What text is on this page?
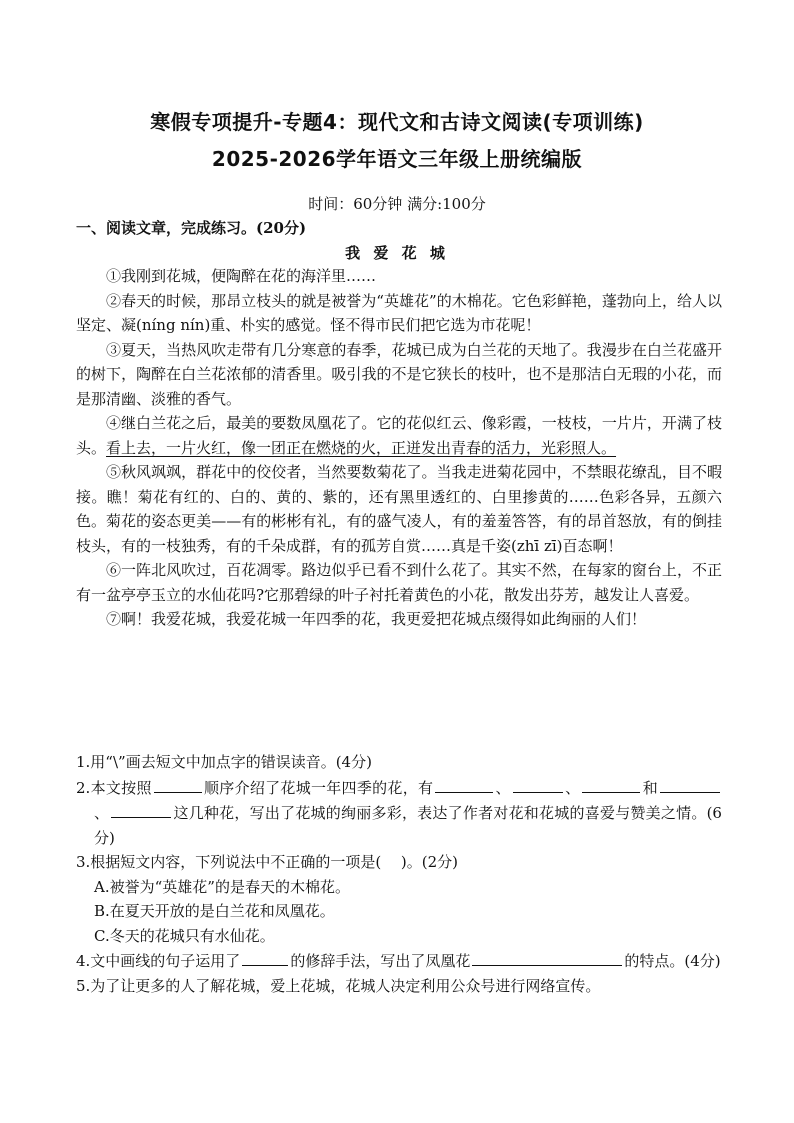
寒假专项提升-专题4：现代文和古诗文阅读(专项训练)
2025-2026学年语文三年级上册统编版
时间：60分钟 满分:100分
一、阅读文章，完成练习。(20分)
我 爱 花 城
①我刚到花城，便陶醉在花的海洋里……
②春天的时候，那昂立枝头的就是被誉为“英雄花”的木棉花。它色彩鲜艳，蓬勃向上，给人以坚定、凝(níng nín)重、朴实的感觉。怪不得市民们把它选为市花呢！
③夏天，当热风吹走带有几分寒意的春季，花城已成为白兰花的天地了。我漫步在白兰花盛开的树下，陶醉在白兰花浓郁的清香里。吸引我的不是它狭长的枝叶，也不是那洁白无瑕的小花，而是那清幽、淡雅的香气。
④继白兰花之后，最美的要数凤凰花了。它的花似红云、像彩霞，一枝枝，一片片，开满了枝头。看上去，一片火红，像一团正在燃烧的火，正迸发出青春的活力，光彩照人。
⑤秋风飒飒，群花中的佼佼者，当然要数菊花了。当我走进菊花园中，不禁眼花缭乱，目不暇接。瞧！菊花有红的、白的、黄的、紫的，还有黑里透红的、白里掺黄的……色彩各异，五颜六色。菊花的姿态更美——有的彬彬有礼，有的盛气凌人，有的羞羞答答，有的昂首怒放，有的倒挂枝头，有的一枝独秀，有的千朵成群，有的孤芳自赏……真是千姿(zhī zī)百态啊！
⑥一阵北风吹过，百花凋零。路边似乎已看不到什么花了。其实不然，在每家的窗台上，不正有一盆亭亭玉立的水仙花吗?它那碧绿的叶子衬托着黄色的小花，散发出芬芳，越发让人喜爱。
⑦啊！我爱花城，我爱花城一年四季的花，我更爱把花城点缀得如此绚丽的人们！
1.用“\”画去短文中加点字的错误读音。(4分)
2.本文按照	顺序介绍了花城一年四季的花，有	、	、	和、	这几种花，写出了花城的绚丽多彩，表达了作者对花和花城的喜爱与赞美之情。(6分)
3.根据短文内容，下列说法中不正确的一项是(　 )。(2分)
A.被誉为“英雄花”的是春天的木棉花。
B.在夏天开放的是白兰花和凤凰花。
C.冬天的花城只有水仙花。
4.文中画线的句子运用了	的修辞手法，写出了凤凰花	的特点。(4分)
5.为了让更多的人了解花城，爱上花城，花城人决定利用公众号进行网络宣传。
